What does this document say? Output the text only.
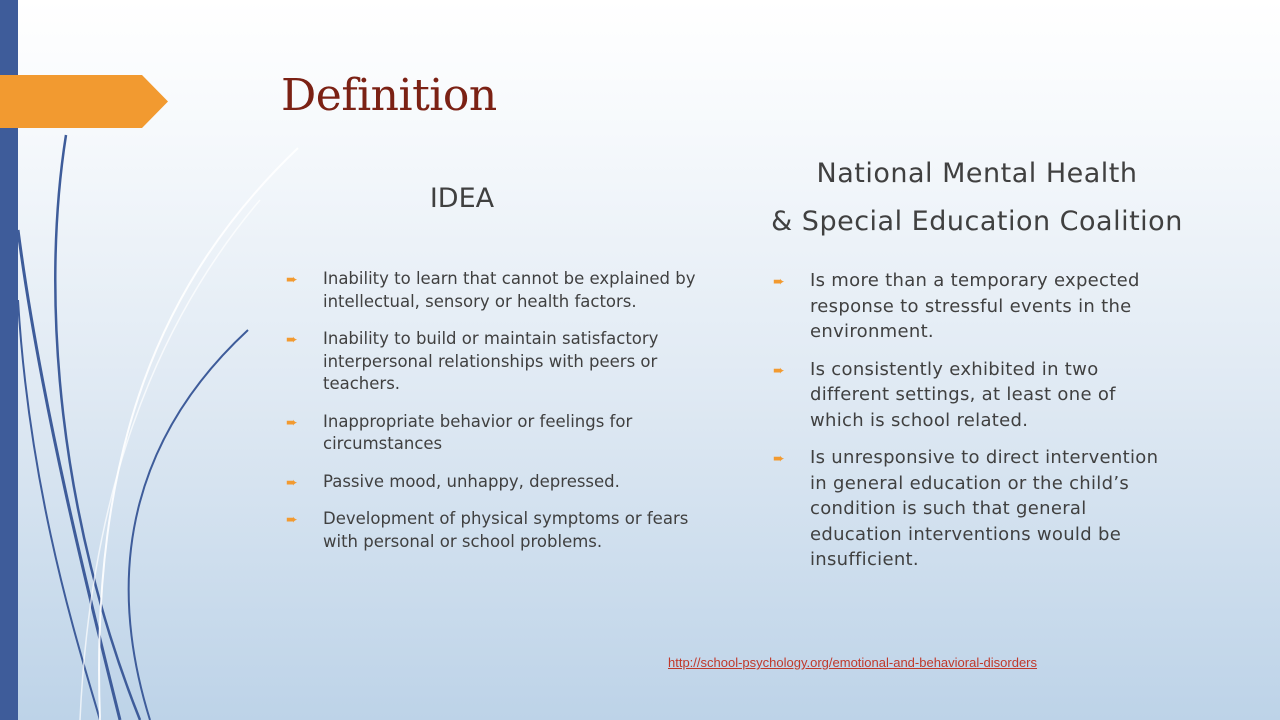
Definition
IDEA
National Mental Health
& Special Education Coalition
➨ Inability to learn that cannot be explained by intellectual, sensory or health factors.
➨ Inability to build or maintain satisfactory interpersonal relationships with peers or teachers.
➨ Inappropriate behavior or feelings for circumstances
➨ Passive mood, unhappy, depressed.
➨ Development of physical symptoms or fears with personal or school problems.
➨ Is more than a temporary expected response to stressful events in the environment.
➨ Is consistently exhibited in two different settings, at least one of which is school related.
➨ Is unresponsive to direct intervention in general education or the child’s condition is such that general education interventions would be insufficient.
http://school-psychology.org/emotional-and-behavioral-disorders
